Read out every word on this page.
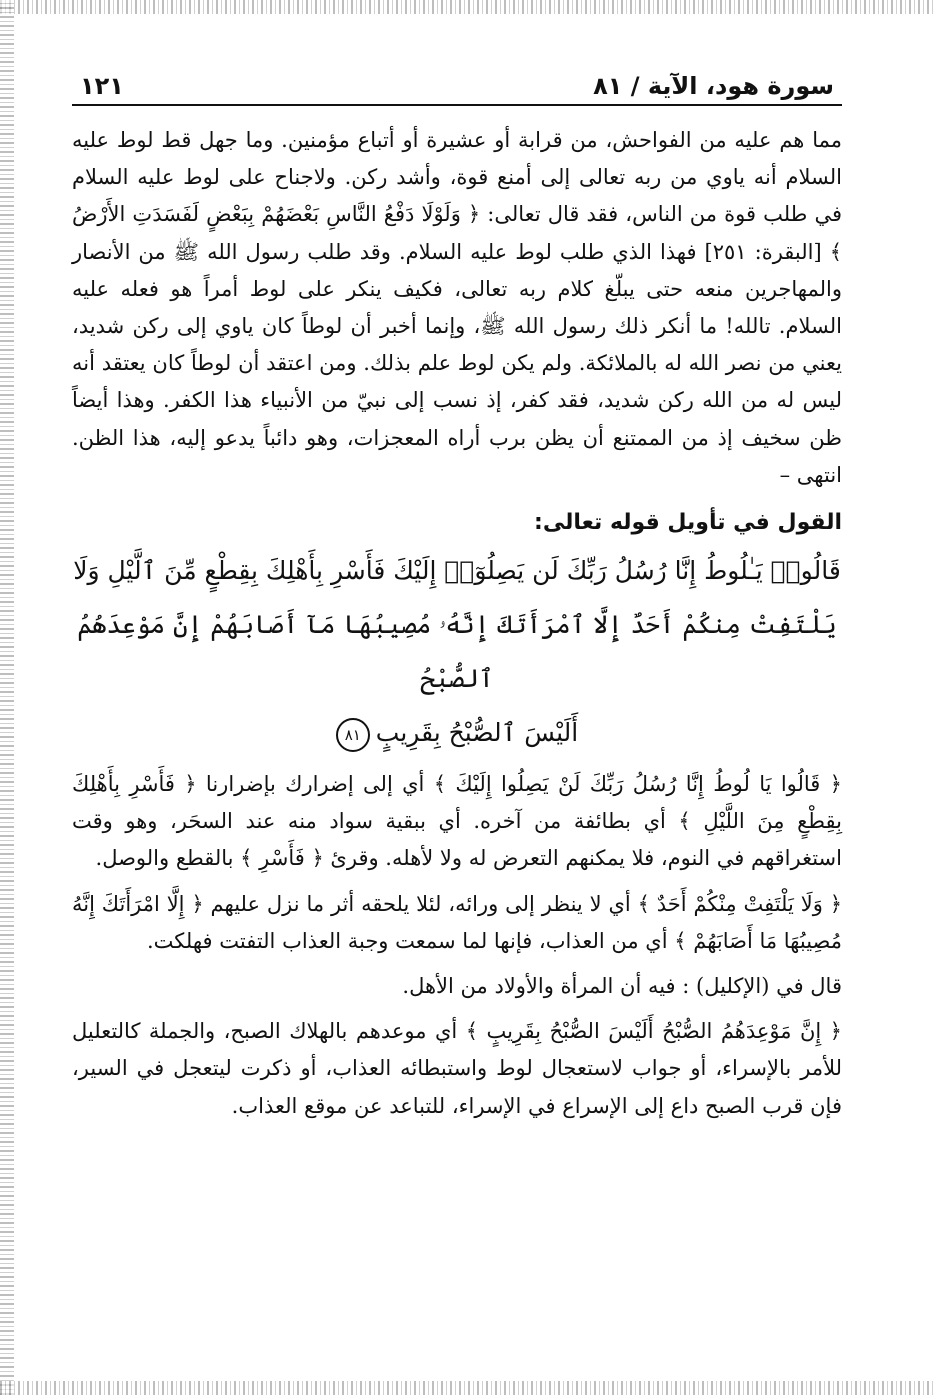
سورة هود، الآية / ٨١
١٢١

مما هم عليه من الفواحش، من قرابة أو عشيرة أو أتباع مؤمنين. وما جهل قط لوط عليه السلام أنه ياوي من ربه تعالى إلى أمنع قوة، وأشد ركن. ولاجناح على لوط عليه السلام في طلب قوة من الناس، فقد قال تعالى: ﴿ وَلَوْلَا دَفْعُ النَّاسِ بَعْضَهُمْ بِبَعْضٍ لَفَسَدَتِ الأَرْضُ ﴾ [البقرة: ٢٥١] فهذا الذي طلب لوط عليه السلام. وقد طلب رسول الله ﷺ من الأنصار والمهاجرين منعه حتى يبلّغ كلام ربه تعالى، فكيف ينكر على لوط أمراً هو فعله عليه السلام. تالله! ما أنكر ذلك رسول الله ﷺ، وإنما أخبر أن لوطاً كان ياوي إلى ركن شديد، يعني من نصر الله له بالملائكة. ولم يكن لوط علم بذلك. ومن اعتقد أن لوطاً كان يعتقد أنه ليس له من الله ركن شديد، فقد كفر، إذ نسب إلى نبيّ من الأنبياء هذا الكفر. وهذا أيضاً ظن سخيف إذ من الممتنع أن يظن برب أراه المعجزات، وهو دائباً يدعو إليه، هذا الظن. انتهى –

القول في تأويل قوله تعالى:
قَالُوا۟ يَـٰلُوطُ إِنَّا رُسُلُ رَبِّكَ لَن يَصِلُوٓا۟ إِلَيْكَ فَأَسْرِ بِأَهْلِكَ بِقِطْعٍ مِّنَ ٱلَّيْلِ وَلَا
يَلْتَفِتْ مِنكُمْ أَحَدٌ إِلَّا ٱمْرَأَتَكَ إِنَّهُۥ مُصِيبُهَا مَآ أَصَابَهُمْ إِنَّ مَوْعِدَهُمُ ٱلصُّبْحُ
أَلَيْسَ ٱلصُّبْحُ بِقَرِيبٍ٨١

﴿ قَالُوا يَا لُوطُ إِنَّا رُسُلُ رَبِّكَ لَنْ يَصِلُوا إِلَيْكَ ﴾ أي إلى إضرارك بإضرارنا ﴿ فَأَسْرِ بِأَهْلِكَ بِقِطْعٍ مِنَ اللَّيْلِ ﴾ أي بطائفة من آخره. أي ببقية سواد منه عند السحَر، وهو وقت استغراقهم في النوم، فلا يمكنهم التعرض له ولا لأهله. وقرئ ﴿ فَأَسْرِ ﴾ بالقطع والوصل.

﴿ وَلَا يَلْتَفِتْ مِنْكُمْ أَحَدٌ ﴾ أي لا ينظر إلى ورائه، لئلا يلحقه أثر ما نزل عليهم ﴿ إِلَّا امْرَأَتَكَ إِنَّهُ مُصِيبُهَا مَا أَصَابَهُمْ ﴾ أي من العذاب، فإنها لما سمعت وجبة العذاب التفتت فهلكت.

قال في (الإكليل) : فيه أن المرأة والأولاد من الأهل.

﴿ إِنَّ مَوْعِدَهُمُ الصُّبْحُ أَلَيْسَ الصُّبْحُ بِقَرِيبٍ ﴾ أي موعدهم بالهلاك الصبح، والجملة كالتعليل للأمر بالإسراء، أو جواب لاستعجال لوط واستبطائه العذاب، أو ذكرت ليتعجل في السير، فإن قرب الصبح داع إلى الإسراع في الإسراء، للتباعد عن موقع العذاب.
